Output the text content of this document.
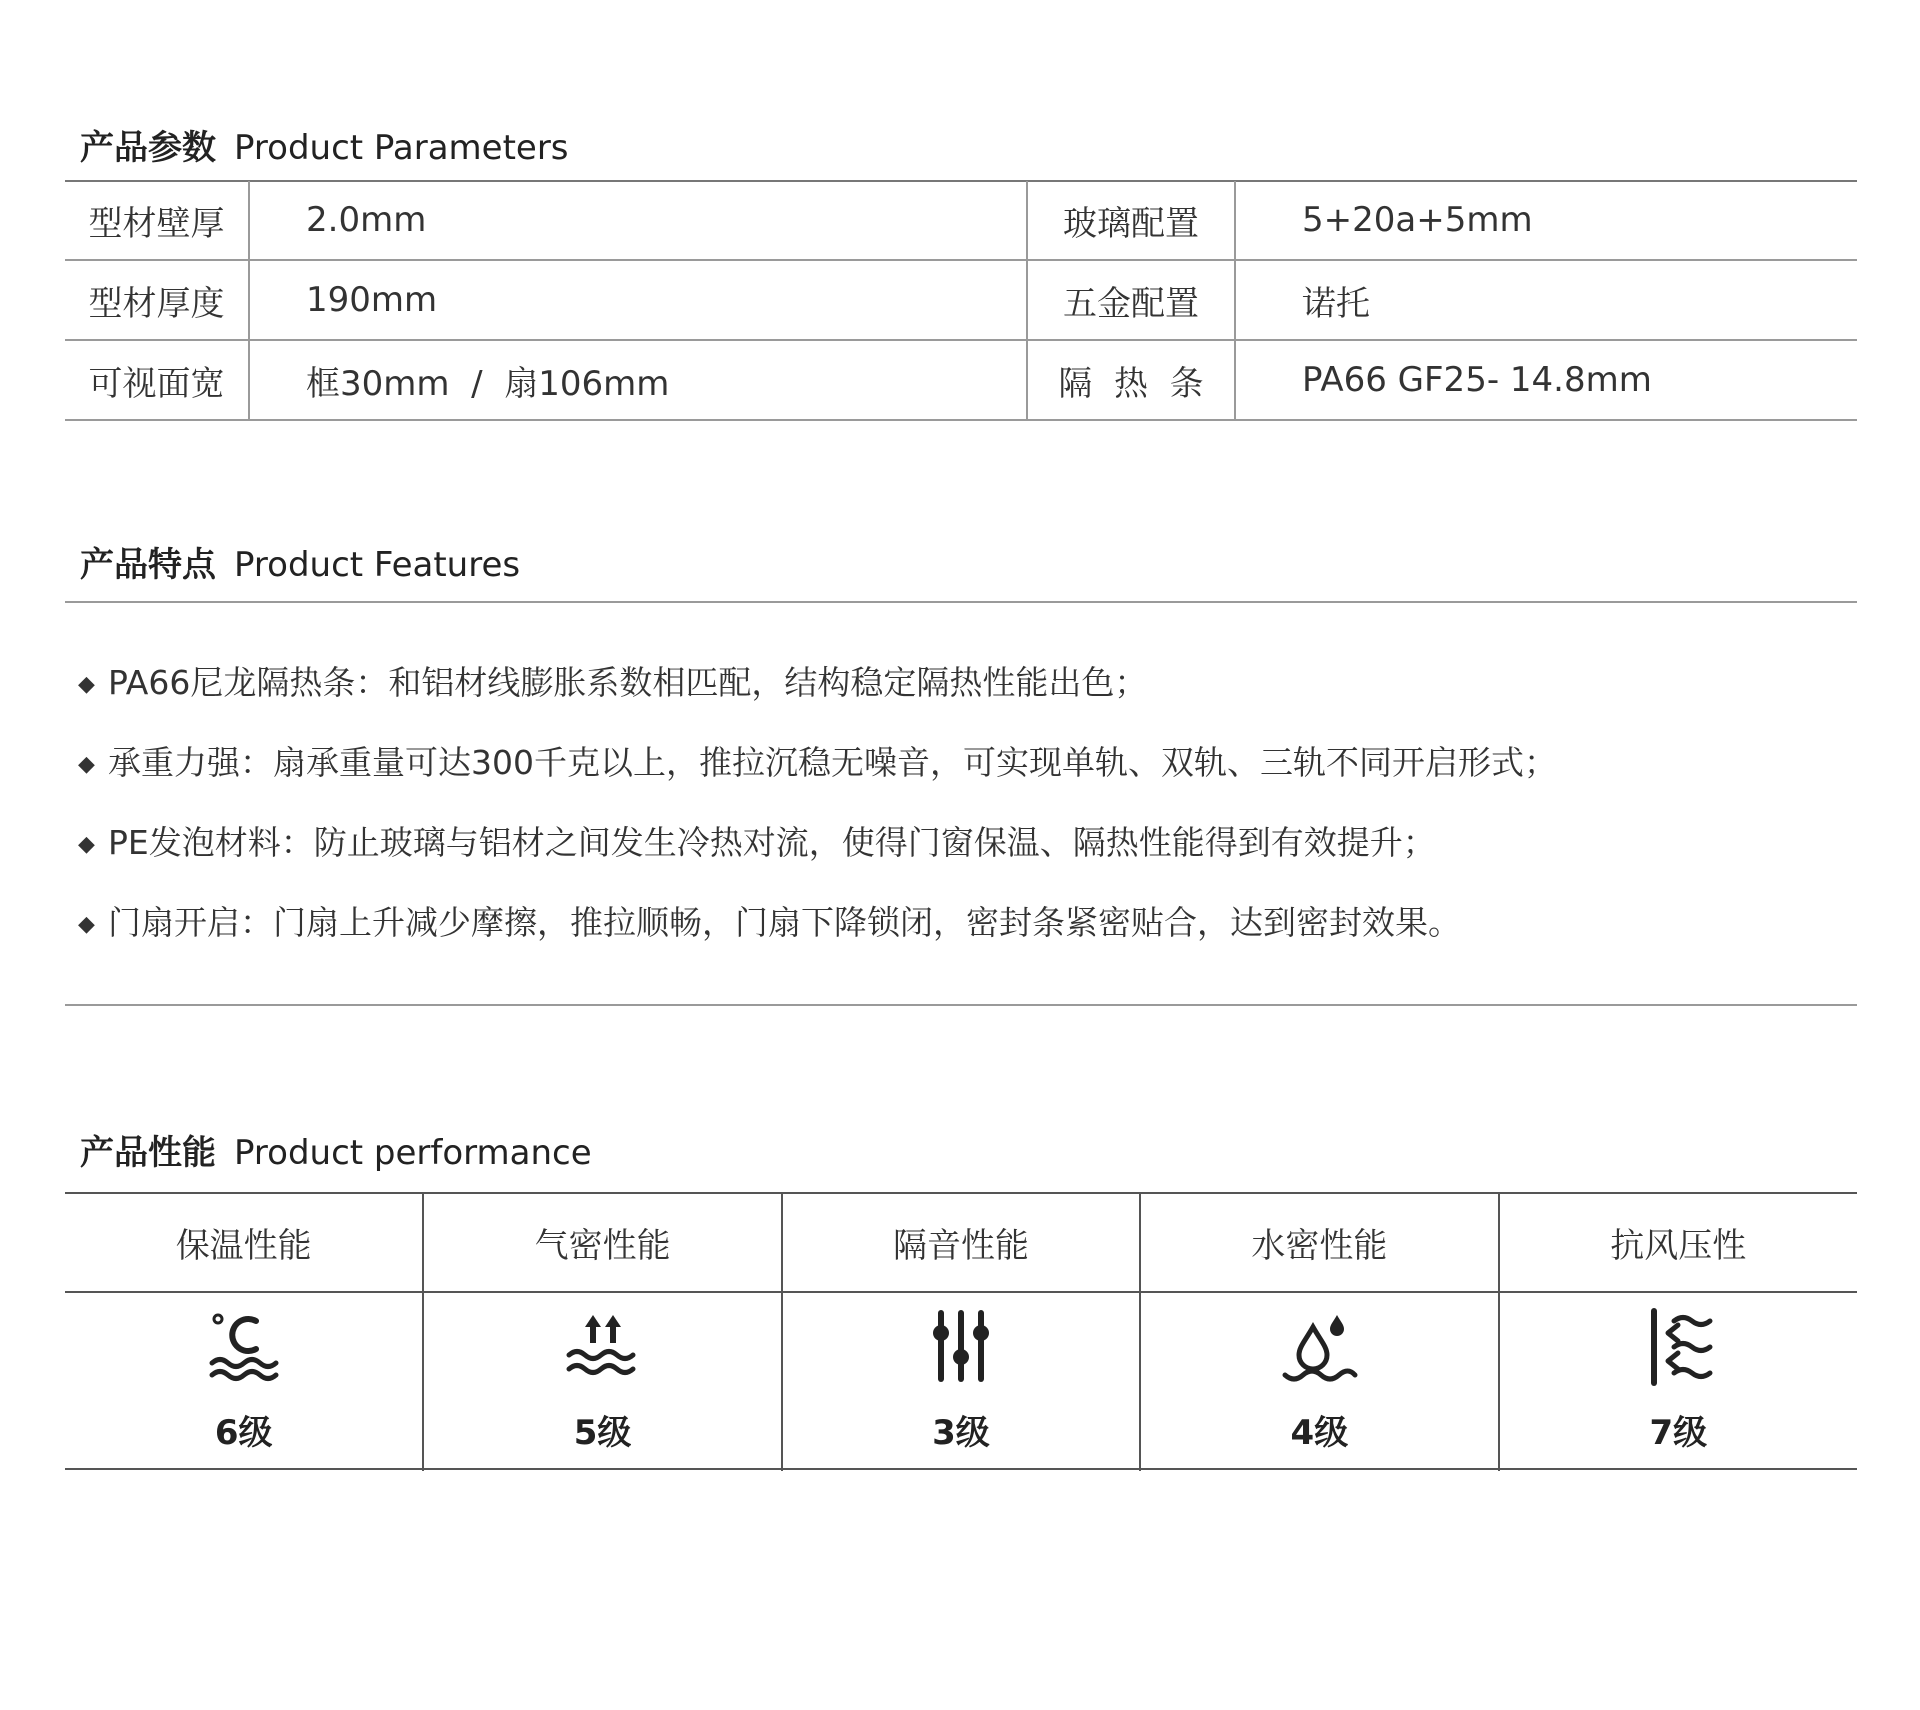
产品参数 Product Parameters
型材壁厚	2.0mm	玻璃配置	5+20a+5mm
型材厚度	190mm	五金配置	诺托
可视面宽	框30mm  /  扇106mm	隔  热  条	PA66 GF25- 14.8mm
产品特点 Product Features
◆ PA66尼龙隔热条：和铝材线膨胀系数相匹配，结构稳定隔热性能出色；
◆ 承重力强：扇承重量可达300千克以上，推拉沉稳无噪音，可实现单轨、双轨、三轨不同开启形式；
◆ PE发泡材料：防止玻璃与铝材之间发生冷热对流，使得门窗保温、隔热性能得到有效提升；
◆ 门扇开启：门扇上升减少摩擦，推拉顺畅，门扇下降锁闭，密封条紧密贴合，达到密封效果。
产品性能 Product performance
保温性能	气密性能	隔音性能	水密性能	抗风压性

6级	5级	3级	4级	7级
